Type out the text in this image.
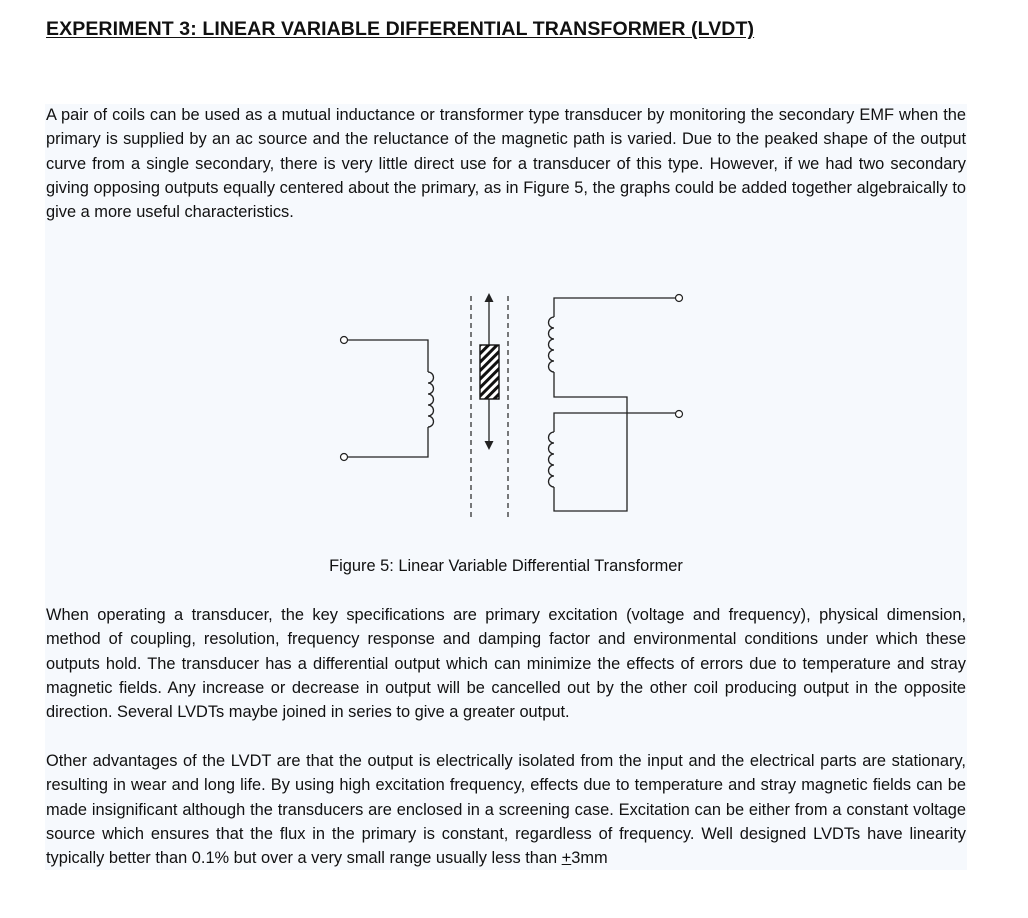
EXPERIMENT 3: LINEAR VARIABLE DIFFERENTIAL TRANSFORMER (LVDT)

A pair of coils can be used as a mutual inductance or transformer type transducer by monitoring the secondary EMF when the primary is supplied by an ac source and the reluctance of the magnetic path is varied. Due to the peaked shape of the output curve from a single secondary, there is very little direct use for a transducer of this type. However, if we had two secondary giving opposing outputs equally centered about the primary, as in Figure 5, the graphs could be added together algebraically to give a more useful characteristics.

Figure 5: Linear Variable Differential Transformer

When operating a transducer, the key specifications are primary excitation (voltage and frequency), physical dimension, method of coupling, resolution, frequency response and damping factor and environmental conditions under which these outputs hold. The transducer has a differential output which can minimize the effects of errors due to temperature and stray magnetic fields. Any increase or decrease in output will be cancelled out by the other coil producing output in the opposite direction. Several LVDTs maybe joined in series to give a greater output.

Other advantages of the LVDT are that the output is electrically isolated from the input and the electrical parts are stationary, resulting in wear and long life. By using high excitation frequency, effects due to temperature and stray magnetic fields can be made insignificant although the transducers are enclosed in a screening case. Excitation can be either from a constant voltage source which ensures that the flux in the primary is constant, regardless of frequency. Well designed LVDTs have linearity typically better than 0.1% but over a very small range usually less than +3mm
